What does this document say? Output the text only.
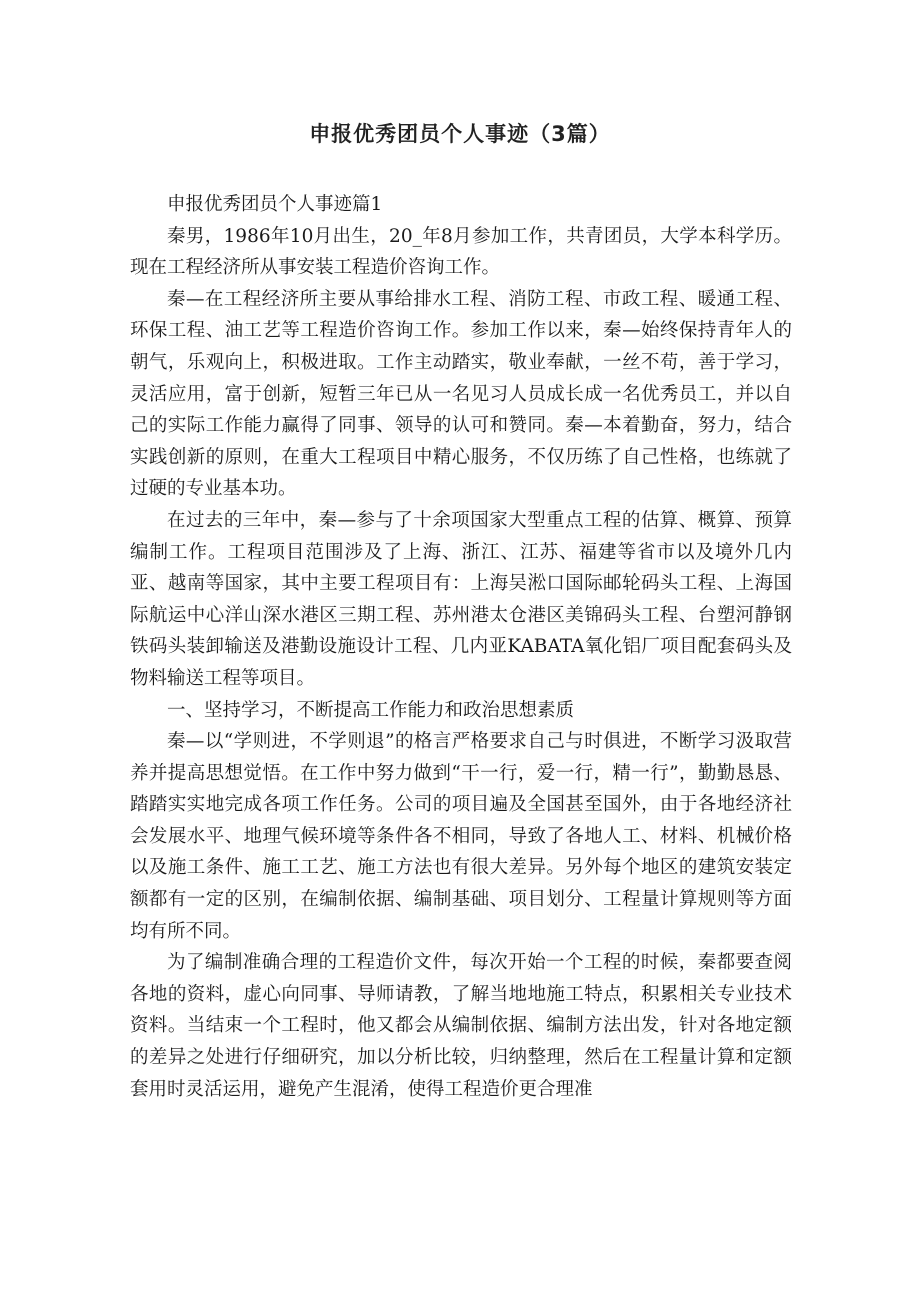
申报优秀团员个人事迹（3篇）

申报优秀团员个人事迹篇1

秦男，1986年10月出生，20_年8月参加工作，共青团员，大学本科学历。现在工程经济所从事安装工程造价咨询工作。

秦—在工程经济所主要从事给排水工程、消防工程、市政工程、暖通工程、环保工程、油工艺等工程造价咨询工作。参加工作以来，秦—始终保持青年人的朝气，乐观向上，积极进取。工作主动踏实，敬业奉献，一丝不苟，善于学习，灵活应用，富于创新，短暂三年已从一名见习人员成长成一名优秀员工，并以自己的实际工作能力赢得了同事、领导的认可和赞同。秦—本着勤奋，努力，结合实践创新的原则，在重大工程项目中精心服务，不仅历练了自己性格，也练就了过硬的专业基本功。

在过去的三年中，秦—参与了十余项国家大型重点工程的估算、概算、预算编制工作。工程项目范围涉及了上海、浙江、江苏、福建等省市以及境外几内亚、越南等国家，其中主要工程项目有：上海吴淞口国际邮轮码头工程、上海国际航运中心洋山深水港区三期工程、苏州港太仓港区美锦码头工程、台塑河静钢铁码头装卸输送及港勤设施设计工程、几内亚KABATA氧化铝厂项目配套码头及物料输送工程等项目。

一、坚持学习，不断提高工作能力和政治思想素质

秦—以“学则进，不学则退”的格言严格要求自己与时俱进，不断学习汲取营养并提高思想觉悟。在工作中努力做到“干一行，爱一行，精一行”，勤勤恳恳、踏踏实实地完成各项工作任务。公司的项目遍及全国甚至国外，由于各地经济社会发展水平、地理气候环境等条件各不相同，导致了各地人工、材料、机械价格以及施工条件、施工工艺、施工方法也有很大差异。另外每个地区的建筑安装定额都有一定的区别，在编制依据、编制基础、项目划分、工程量计算规则等方面均有所不同。

为了编制准确合理的工程造价文件，每次开始一个工程的时候，秦都要查阅各地的资料，虚心向同事、导师请教，了解当地地施工特点，积累相关专业技术资料。当结束一个工程时，他又都会从编制依据、编制方法出发，针对各地定额的差异之处进行仔细研究，加以分析比较，归纳整理，然后在工程量计算和定额套用时灵活运用，避免产生混淆，使得工程造价更合理准
